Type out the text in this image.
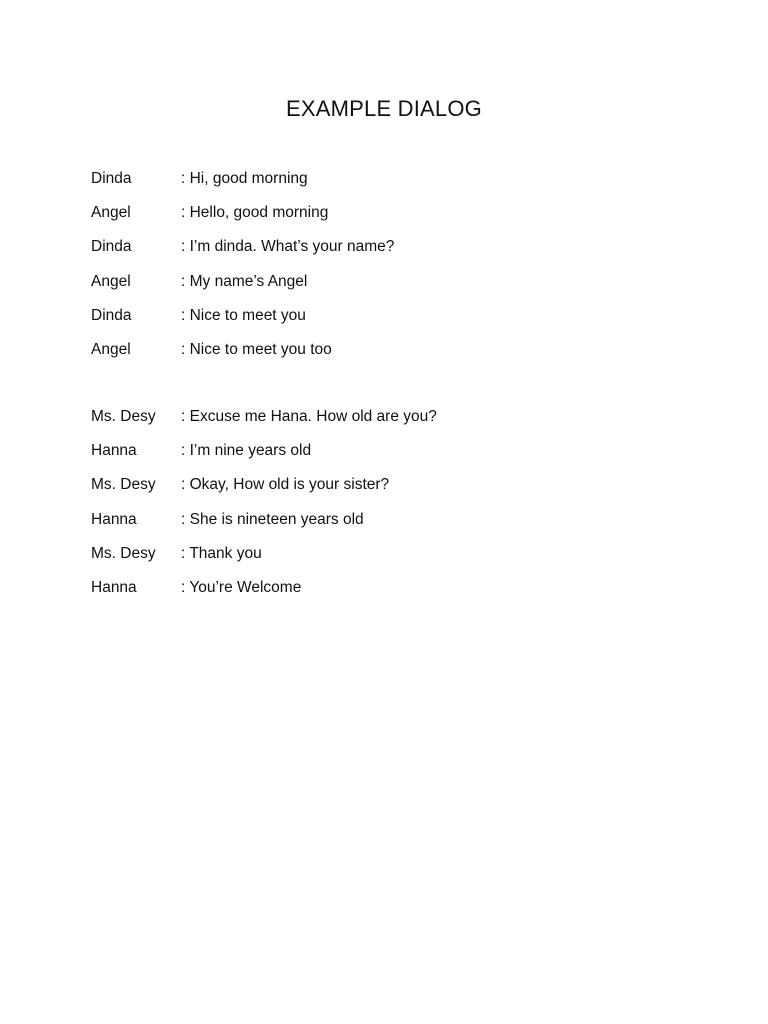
EXAMPLE DIALOG
Dinda	: Hi, good morning
Angel	: Hello, good morning
Dinda	: I’m dinda. What’s your name?
Angel	: My name’s Angel
Dinda	: Nice to meet you
Angel	: Nice to meet you too
Ms. Desy	: Excuse me Hana. How old are you?
Hanna	: I’m nine years old
Ms. Desy	: Okay, How old is your sister?
Hanna	: She is nineteen years old
Ms. Desy	: Thank you
Hanna	: You’re Welcome
